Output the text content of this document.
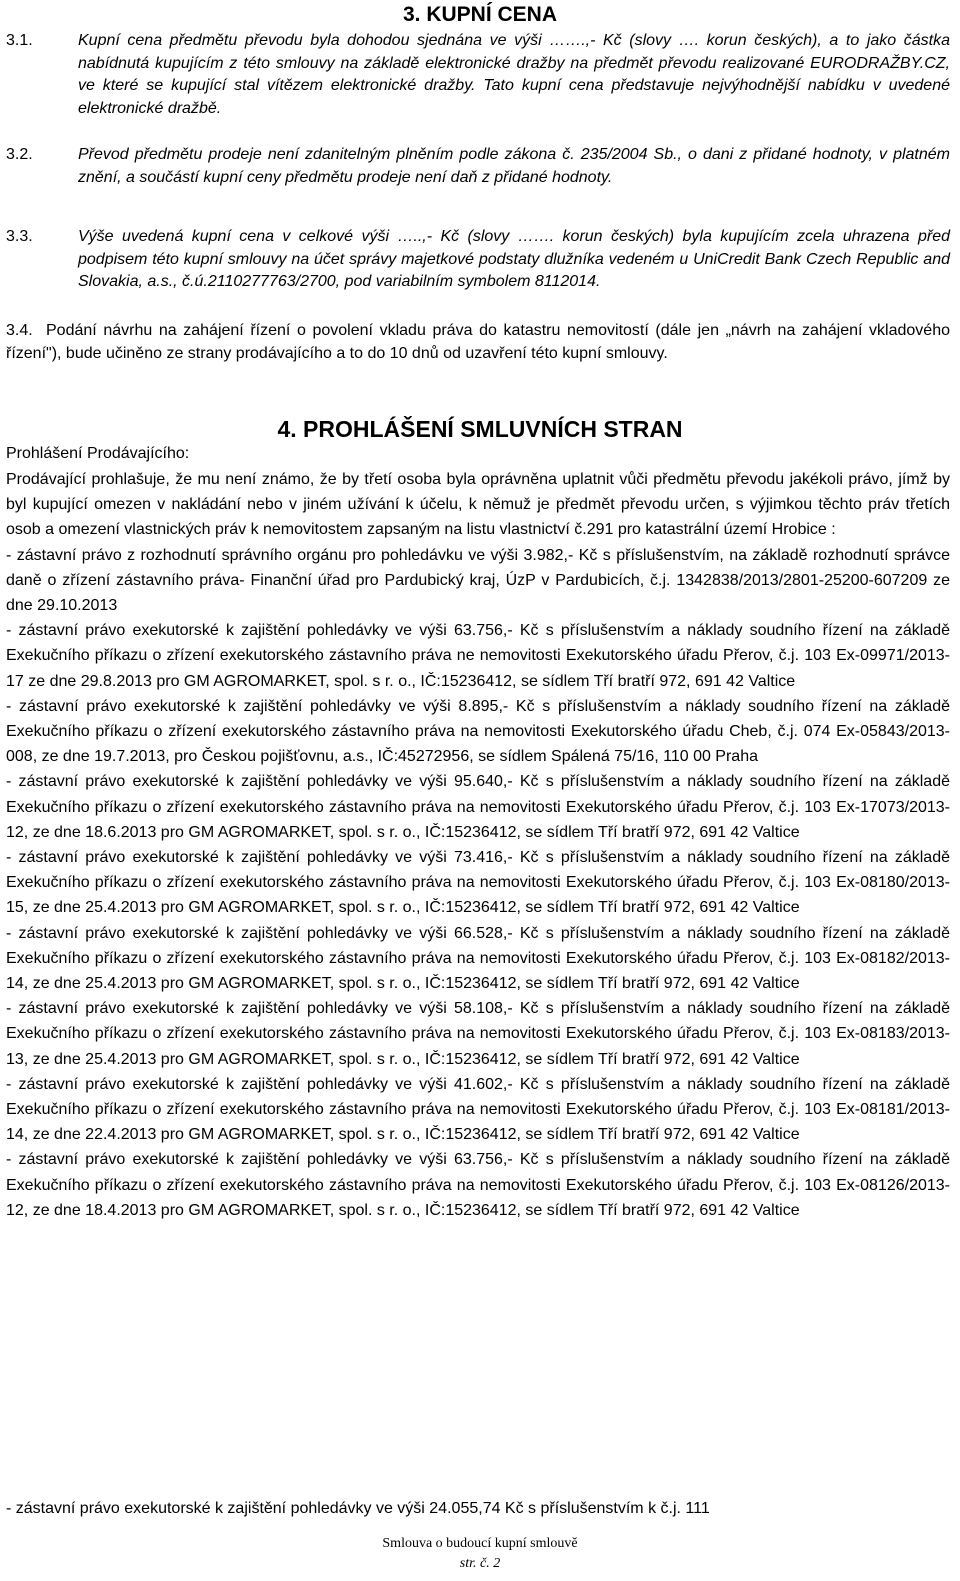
3. KUPNÍ CENA
3.1.	Kupní cena předmětu převodu byla dohodou sjednána ve výši …….,- Kč (slovy …. korun českých), a to jako částka nabídnutá kupujícím z této smlouvy na základě elektronické dražby na předmět převodu realizované EURODRAŽBY.CZ, ve které se kupující stal vítězem elektronické dražby. Tato kupní cena představuje nejvýhodnější nabídku v uvedené elektronické dražbě.
3.2.	Převod předmětu prodeje není zdanitelným plněním podle zákona č. 235/2004 Sb., o dani z přidané hodnoty, v platném znění, a součástí kupní ceny předmětu prodeje není daň z přidané hodnoty.
3.3.	Výše uvedená kupní cena v celkové výši …..,- Kč (slovy ……. korun českých) byla kupujícím zcela uhrazena před podpisem této kupní smlouvy na účet správy majetkové podstaty dlužníka vedeném u UniCredit Bank Czech Republic and Slovakia, a.s., č.ú.2110277763/2700, pod variabilním symbolem 8112014.
3.4. Podání návrhu na zahájení řízení o povolení vkladu práva do katastru nemovitostí (dále jen „návrh na zahájení vkladového řízení"), bude učiněno ze strany prodávajícího a to do 10 dnů od uzavření této kupní smlouvy.
4. PROHLÁŠENÍ SMLUVNÍCH STRAN
Prohlášení Prodávajícího:

Prodávající prohlašuje, že mu není známo, že by třetí osoba byla oprávněna uplatnit vůči předmětu převodu jakékoli právo, jímž by byl kupující omezen v nakládání nebo v jiném užívání k účelu, k němuž je předmět převodu určen, s výjimkou těchto práv třetích osob a omezení vlastnických práv k nemovitostem zapsaným na listu vlastnictví č.291 pro katastrální území Hrobice :

- zástavní právo z rozhodnutí správního orgánu pro pohledávku ve výši 3.982,- Kč s příslušenstvím, na základě rozhodnutí správce daně o zřízení zástavního práva- Finanční úřad pro Pardubický kraj, ÚzP v Pardubicích, č.j. 1342838/2013/2801-25200-607209 ze dne 29.10.2013

- zástavní právo exekutorské k zajištění pohledávky ve výši 63.756,- Kč s příslušenstvím a náklady soudního řízení na základě Exekučního příkazu o zřízení exekutorského zástavního práva ne nemovitosti Exekutorského úřadu Přerov, č.j. 103 Ex-09971/2013-17 ze dne 29.8.2013 pro GM AGROMARKET, spol. s r. o., IČ:15236412, se sídlem Tří bratří 972, 691 42 Valtice

- zástavní právo exekutorské k zajištění pohledávky ve výši 8.895,- Kč s příslušenstvím a náklady soudního řízení na základě Exekučního příkazu o zřízení exekutorského zástavního práva na nemovitosti Exekutorského úřadu Cheb, č.j. 074 Ex-05843/2013-008, ze dne 19.7.2013, pro Českou pojišťovnu, a.s., IČ:45272956, se sídlem Spálená 75/16, 110 00 Praha

- zástavní právo exekutorské k zajištění pohledávky ve výši 95.640,- Kč s příslušenstvím a náklady soudního řízení na základě Exekučního příkazu o zřízení exekutorského zástavního práva na nemovitosti Exekutorského úřadu Přerov, č.j. 103 Ex-17073/2013-12, ze dne 18.6.2013 pro GM AGROMARKET, spol. s r. o., IČ:15236412, se sídlem Tří bratří 972, 691 42 Valtice

- zástavní právo exekutorské k zajištění pohledávky ve výši 73.416,- Kč s příslušenstvím a náklady soudního řízení na základě Exekučního příkazu o zřízení exekutorského zástavního práva na nemovitosti Exekutorského úřadu Přerov, č.j. 103 Ex-08180/2013-15, ze dne 25.4.2013 pro GM AGROMARKET, spol. s r. o., IČ:15236412, se sídlem Tří bratří 972, 691 42 Valtice

- zástavní právo exekutorské k zajištění pohledávky ve výši 66.528,- Kč s příslušenstvím a náklady soudního řízení na základě Exekučního příkazu o zřízení exekutorského zástavního práva na nemovitosti Exekutorského úřadu Přerov, č.j. 103 Ex-08182/2013-14, ze dne 25.4.2013 pro GM AGROMARKET, spol. s r. o., IČ:15236412, se sídlem Tří bratří 972, 691 42 Valtice

- zástavní právo exekutorské k zajištění pohledávky ve výši 58.108,- Kč s příslušenstvím a náklady soudního řízení na základě Exekučního příkazu o zřízení exekutorského zástavního práva na nemovitosti Exekutorského úřadu Přerov, č.j. 103 Ex-08183/2013-13, ze dne 25.4.2013 pro GM AGROMARKET, spol. s r. o., IČ:15236412, se sídlem Tří bratří 972, 691 42 Valtice

- zástavní právo exekutorské k zajištění pohledávky ve výši 41.602,- Kč s příslušenstvím a náklady soudního řízení na základě Exekučního příkazu o zřízení exekutorského zástavního práva na nemovitosti Exekutorského úřadu Přerov, č.j. 103 Ex-08181/2013-14, ze dne 22.4.2013 pro GM AGROMARKET, spol. s r. o., IČ:15236412, se sídlem Tří bratří 972, 691 42 Valtice

- zástavní právo exekutorské k zajištění pohledávky ve výši 63.756,- Kč s příslušenstvím a náklady soudního řízení na základě Exekučního příkazu o zřízení exekutorského zástavního práva na nemovitosti Exekutorského úřadu Přerov, č.j. 103 Ex-08126/2013-12, ze dne 18.4.2013 pro GM AGROMARKET, spol. s r. o., IČ:15236412, se sídlem Tří bratří 972, 691 42 Valtice

- zástavní právo exekutorské k zajištění pohledávky ve výši 24.055,74 Kč s příslušenstvím k č.j. 111
Smlouva o budoucí kupní smlouvě
str. č. 2
